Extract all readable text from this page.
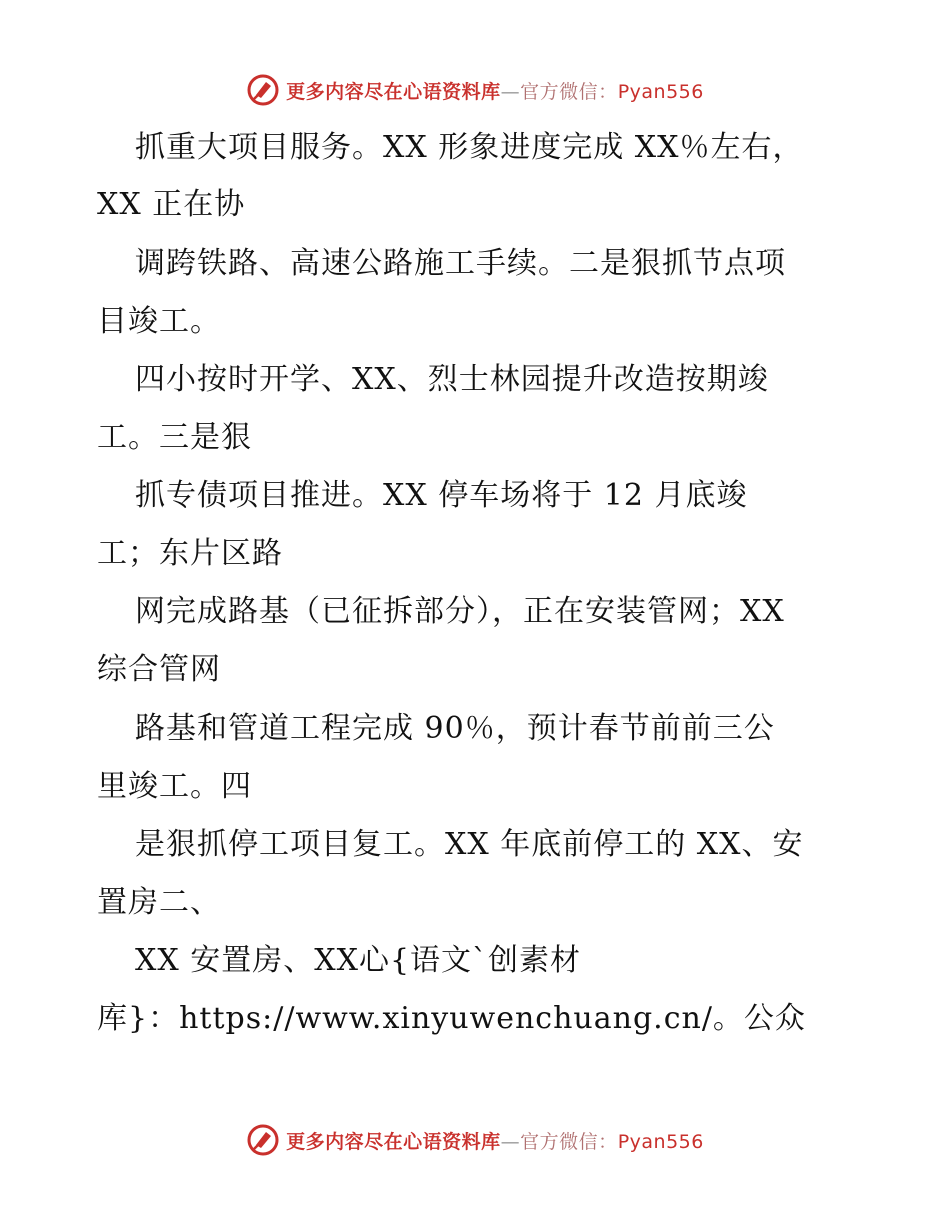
更多内容尽在心语资料库—官方微信：Pyan556
抓重大项目服务。XX 形象进度完成 XX％左右，
XX 正在协
调跨铁路、高速公路施工手续。二是狠抓节点项
目竣工。
四小按时开学、XX、烈士林园提升改造按期竣
工。三是狠
抓专债项目推进。XX 停车场将于 12 月底竣
工；东片区路
网完成路基（已征拆部分），正在安装管网；XX
综合管网
路基和管道工程完成 90％，预计春节前前三公
里竣工。四
是狠抓停工项目复工。XX 年底前停工的 XX、安
置房二、
XX 安置房、XX心{语文`创素材
库}：https://www.xinyuwenchuang.cn/。公众
更多内容尽在心语资料库—官方微信：Pyan556
